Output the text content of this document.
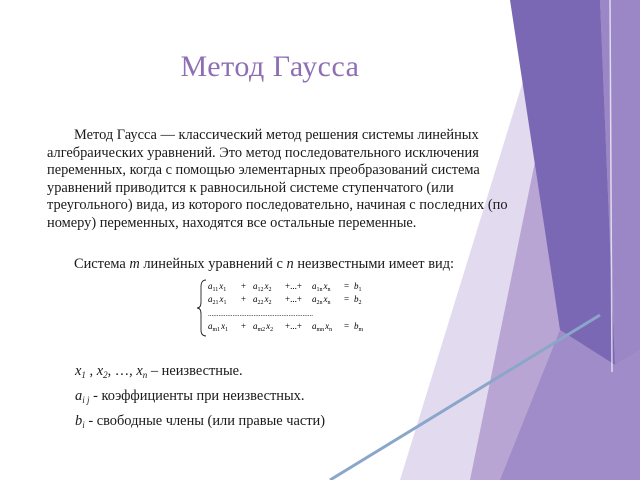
Метод Гаусса

Метод Гаусса — классический метод решения системы линейных алгебраических уравнений. Это метод последовательного исключения переменных, когда с помощью элементарных преобразований система уравнений приводится к равносильной системе ступенчатого (или треугольного) вида, из которого последовательно, начиная с последних (по номеру) переменных, находятся все остальные переменные.

Система m линейных уравнений с n неизвестными имеет вид:

$a_{11}x_1 + a_{12}x_2$ +...+ $a_{1n}x_n = b_1$
$a_{21}x_1 + a_{22}x_2$ +...+ $a_{2n}x_n = b_2$
............................................................
$a_{m1}x_1 + a_{m2}x_2$ +...+ $a_{mn}x_n = b_m$

$x_1$ , $x_2$, …, $x_n$ – неизвестные.

$a_{i j}$ - коэффициенты при неизвестных.

$b_i$ - свободные члены (или правые части)
